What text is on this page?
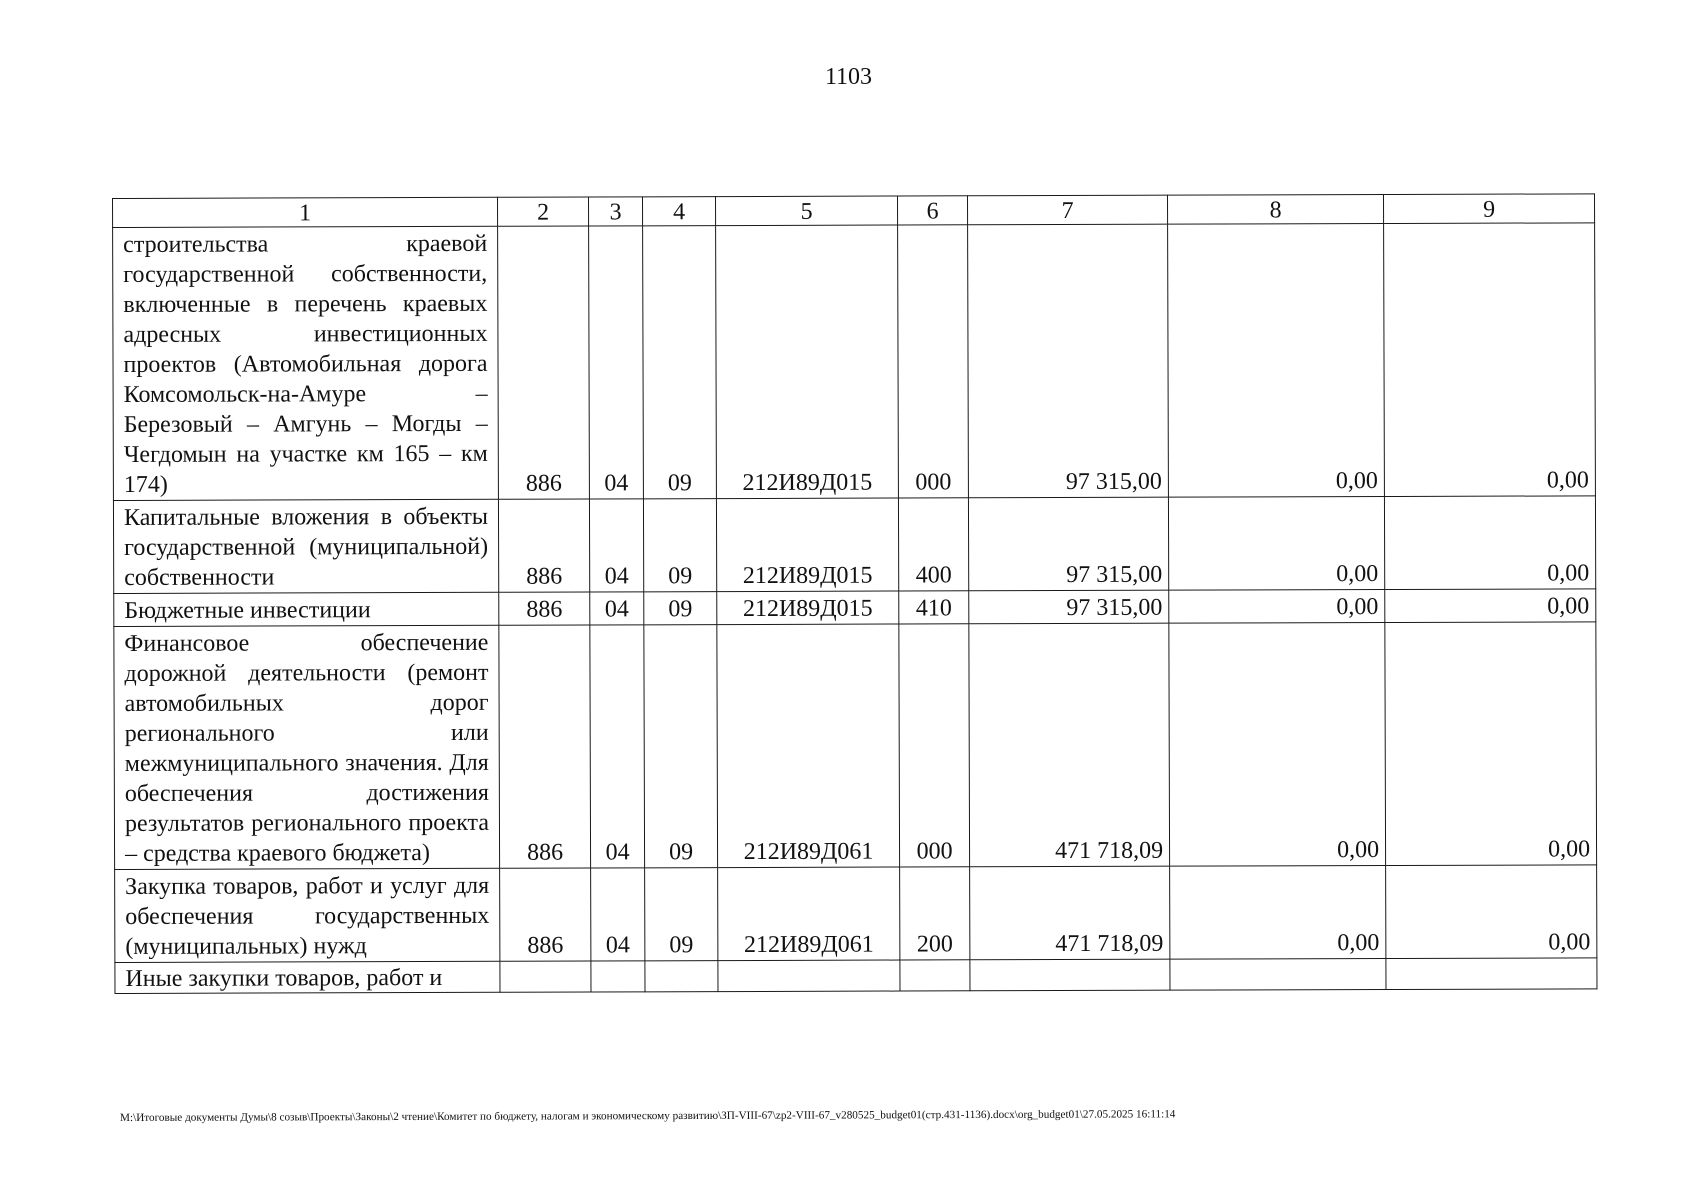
1103
1	2	3	4	5	6	7	8	9
строительства краевой государственной собственности, включенные в перечень краевых адресных инвестиционных проектов (Автомобильная дорога Комсомольск-на-Амуре – Березовый – Амгунь – Могды – Чегдомын на участке км 165 – км 174)	886	04	09	212И89Д015	000	97 315,00	0,00	0,00
Капитальные вложения в объекты государственной (муниципальной) собственности	886	04	09	212И89Д015	400	97 315,00	0,00	0,00
Бюджетные инвестиции	886	04	09	212И89Д015	410	97 315,00	0,00	0,00
Финансовое обеспечение дорожной деятельности (ремонт автомобильных дорог регионального или межмуниципального значения. Для обеспечения достижения результатов регионального проекта – средства краевого бюджета)	886	04	09	212И89Д061	000	471 718,09	0,00	0,00
Закупка товаров, работ и услуг для обеспечения государственных (муниципальных) нужд	886	04	09	212И89Д061	200	471 718,09	0,00	0,00
Иные закупки товаров, работ и								
M:\Итоговые документы Думы\8 созыв\Проекты\Законы\2 чтение\Комитет по бюджету, налогам и экономическому развитию\ЗП-VIII-67\zp2-VIII-67_v280525_budget01(стр.431-1136).docx\org_budget01\27.05.2025 16:11:14
